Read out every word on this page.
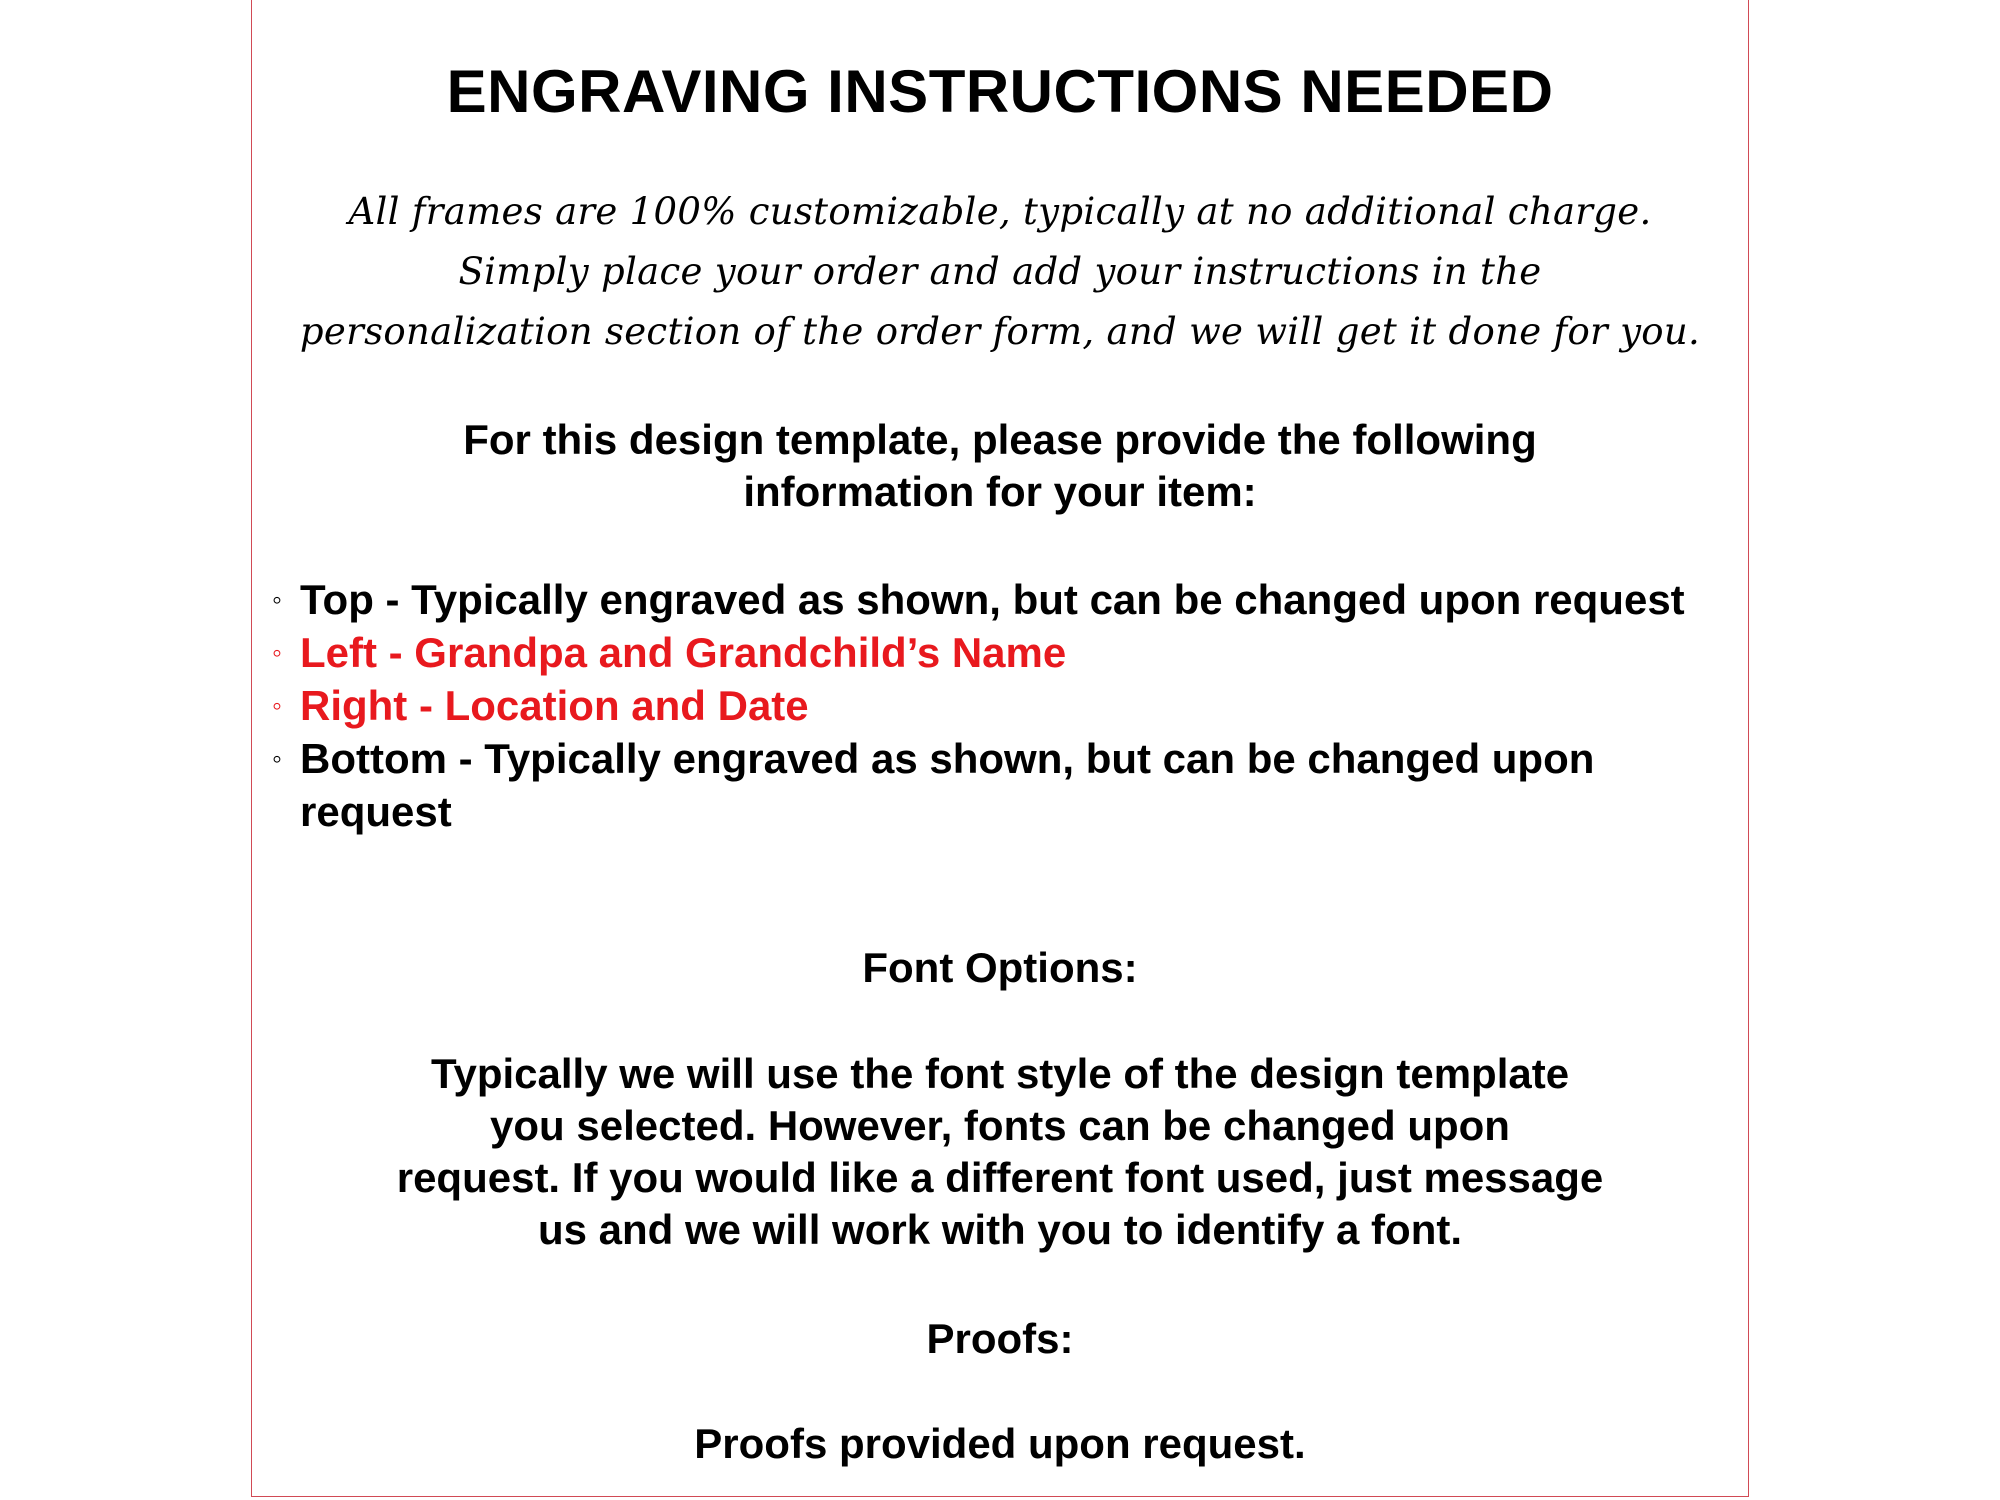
ENGRAVING INSTRUCTIONS NEEDED
All frames are 100% customizable, typically at no additional charge.
Simply place your order and add your instructions in the
personalization section of the order form, and we will get it done for you.
For this design template, please provide the following
information for your item:
◦ Top - Typically engraved as shown, but can be changed upon request
◦ Left - Grandpa and Grandchild’s Name
◦ Right - Location and Date
◦ Bottom - Typically engraved as shown, but can be changed upon request
Font Options:
Typically we will use the font style of the design template
you selected. However, fonts can be changed upon
request. If you would like a different font used, just message
us and we will work with you to identify a font.
Proofs:
Proofs provided upon request.
